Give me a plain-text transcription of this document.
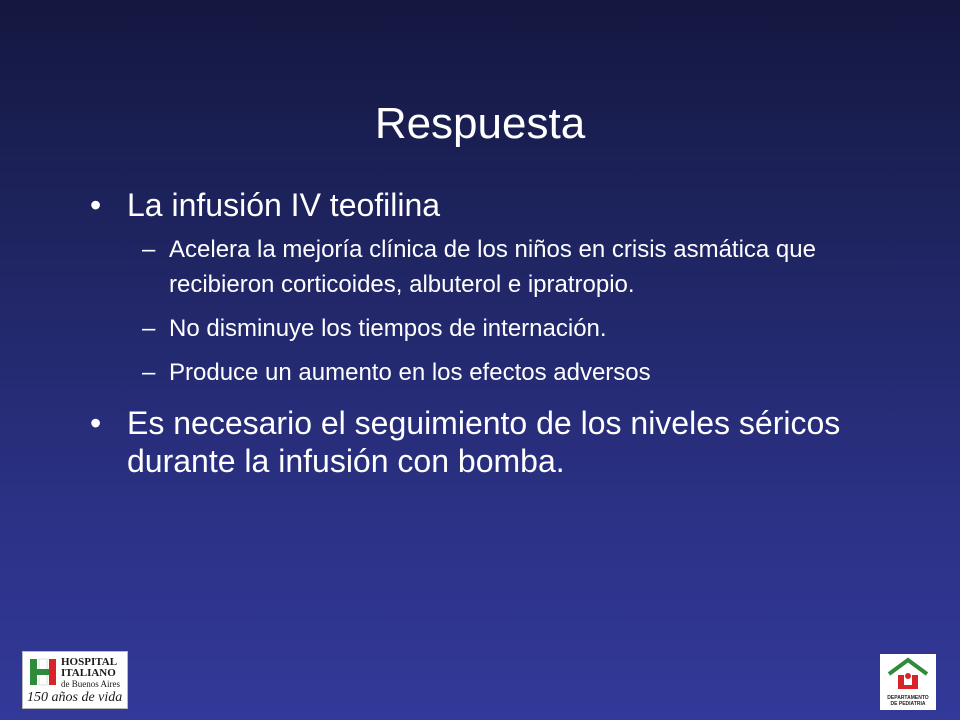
Respuesta

• La infusión IV teofilina

– Acelera la mejoría clínica de los niños en crisis asmática que recibieron corticoides, albuterol e ipratropio.

– No disminuye los tiempos de internación.

– Produce un aumento en los efectos adversos

• Es necesario el seguimiento de los niveles séricos durante la infusión con bomba.

HOSPITAL
ITALIANO
de Buenos Aires
150 años de vida	DEPARTAMENTO
DE PEDIATRIA
